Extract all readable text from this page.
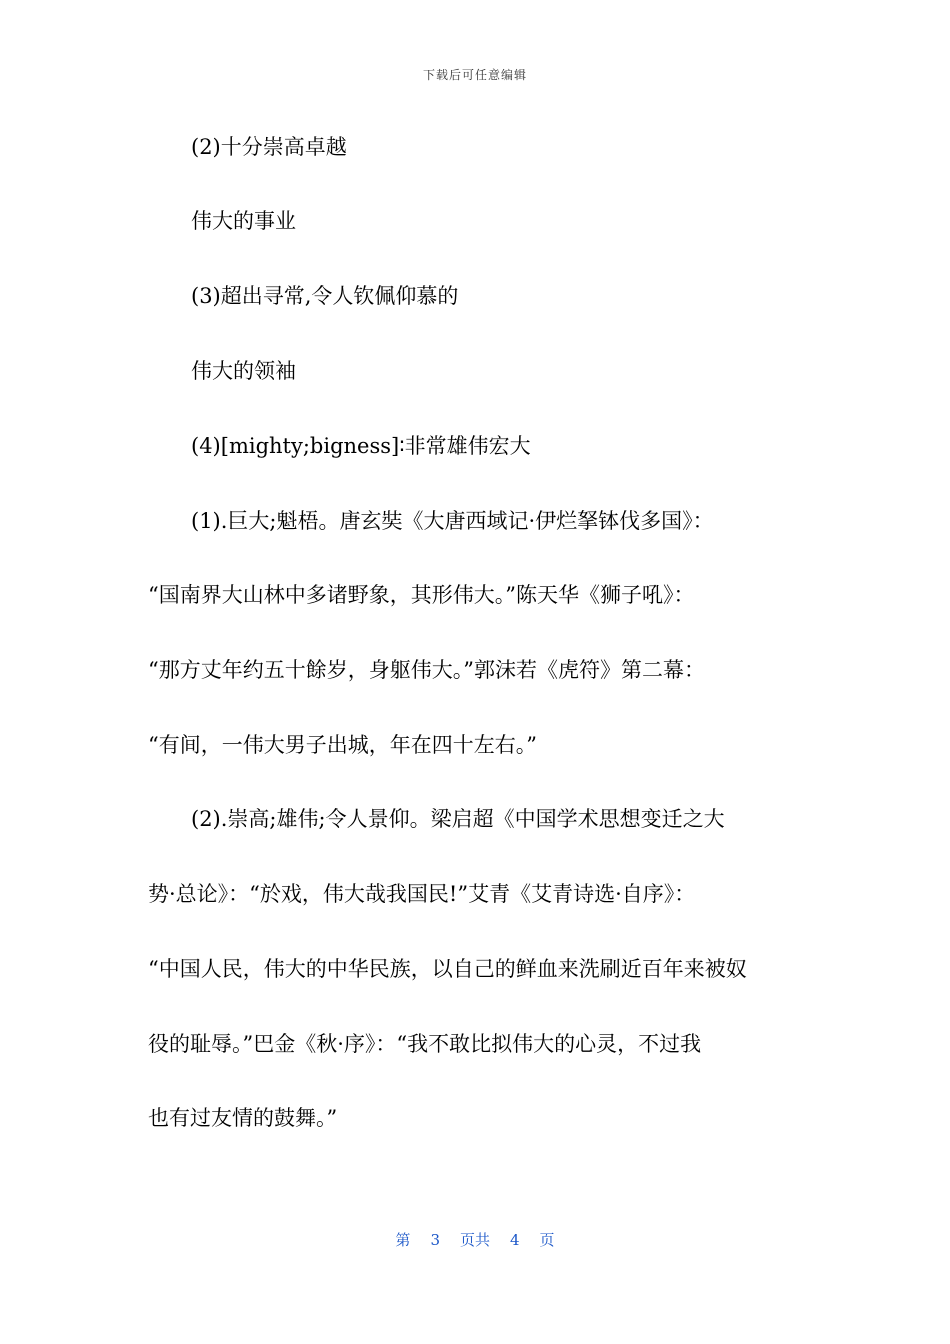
下载后可任意编辑
(2)十分崇高卓越
伟大的事业
(3)超出寻常,令人钦佩仰慕的
伟大的领袖
(4)[mighty;bigness]∶非常雄伟宏大
(1).巨大;魁梧。唐玄奘《大唐西域记·伊烂拏钵伐多国》：
“国南界大山林中多诸野象，其形伟大。”陈天华《狮子吼》：
“那方丈年约五十餘岁，身躯伟大。”郭沫若《虎符》第二幕：
“有间，一伟大男子出城，年在四十左右。”
(2).崇高;雄伟;令人景仰。梁启超《中国学术思想变迁之大
势·总论》：“於戏，伟大哉我国民!”艾青《艾青诗选·自序》：
“中国人民，伟大的中华民族，以自己的鲜血来洗刷近百年来被奴
役的耻辱。”巴金《秋·序》：“我不敢比拟伟大的心灵，不过我
也有过友情的鼓舞。”
第 3 页共 4 页
